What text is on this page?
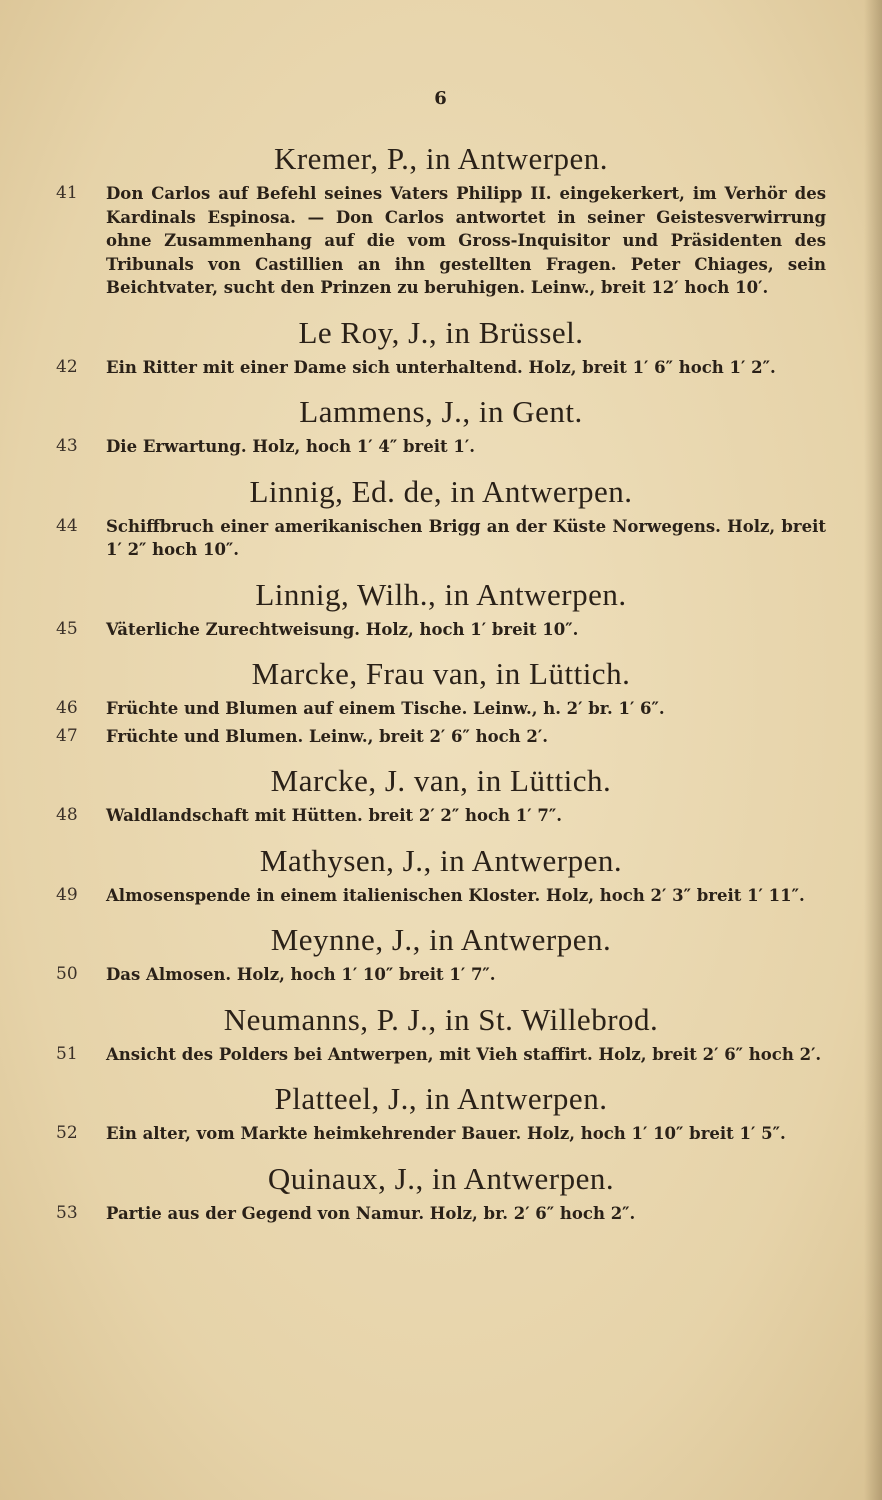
6
Kremer, P., in Antwerpen.
41 Don Carlos auf Befehl seines Vaters Philipp II. eingekerkert, im Verhör des Kardinals Espinosa. — Don Carlos antwortet in seiner Geistesverwirrung ohne Zusammenhang auf die vom Gross-Inquisitor und Präsidenten des Tribunals von Castillien an ihn gestellten Fragen. Peter Chiages, sein Beichtvater, sucht den Prinzen zu beruhigen. Leinw., breit 12′ hoch 10′.
Le Roy, J., in Brüssel.
42 Ein Ritter mit einer Dame sich unterhaltend. Holz, breit 1′ 6″ hoch 1′ 2″.
Lammens, J., in Gent.
43 Die Erwartung. Holz, hoch 1′ 4″ breit 1′.
Linnig, Ed. de, in Antwerpen.
44 Schiffbruch einer amerikanischen Brigg an der Küste Norwegens. Holz, breit 1′ 2″ hoch 10″.
Linnig, Wilh., in Antwerpen.
45 Väterliche Zurechtweisung. Holz, hoch 1′ breit 10″.
Marcke, Frau van, in Lüttich.
46 Früchte und Blumen auf einem Tische. Leinw., h. 2′ br. 1′ 6″.
47 Früchte und Blumen. Leinw., breit 2′ 6″ hoch 2′.
Marcke, J. van, in Lüttich.
48 Waldlandschaft mit Hütten. breit 2′ 2″ hoch 1′ 7″.
Mathysen, J., in Antwerpen.
49 Almosenspende in einem italienischen Kloster. Holz, hoch 2′ 3″ breit 1′ 11″.
Meynne, J., in Antwerpen.
50 Das Almosen. Holz, hoch 1′ 10″ breit 1′ 7″.
Neumanns, P. J., in St. Willebrod.
51 Ansicht des Polders bei Antwerpen, mit Vieh staffirt. Holz, breit 2′ 6″ hoch 2′.
Platteel, J., in Antwerpen.
52 Ein alter, vom Markte heimkehrender Bauer. Holz, hoch 1′ 10″ breit 1′ 5″.
Quinaux, J., in Antwerpen.
53 Partie aus der Gegend von Namur. Holz, br. 2′ 6″ hoch 2″.
